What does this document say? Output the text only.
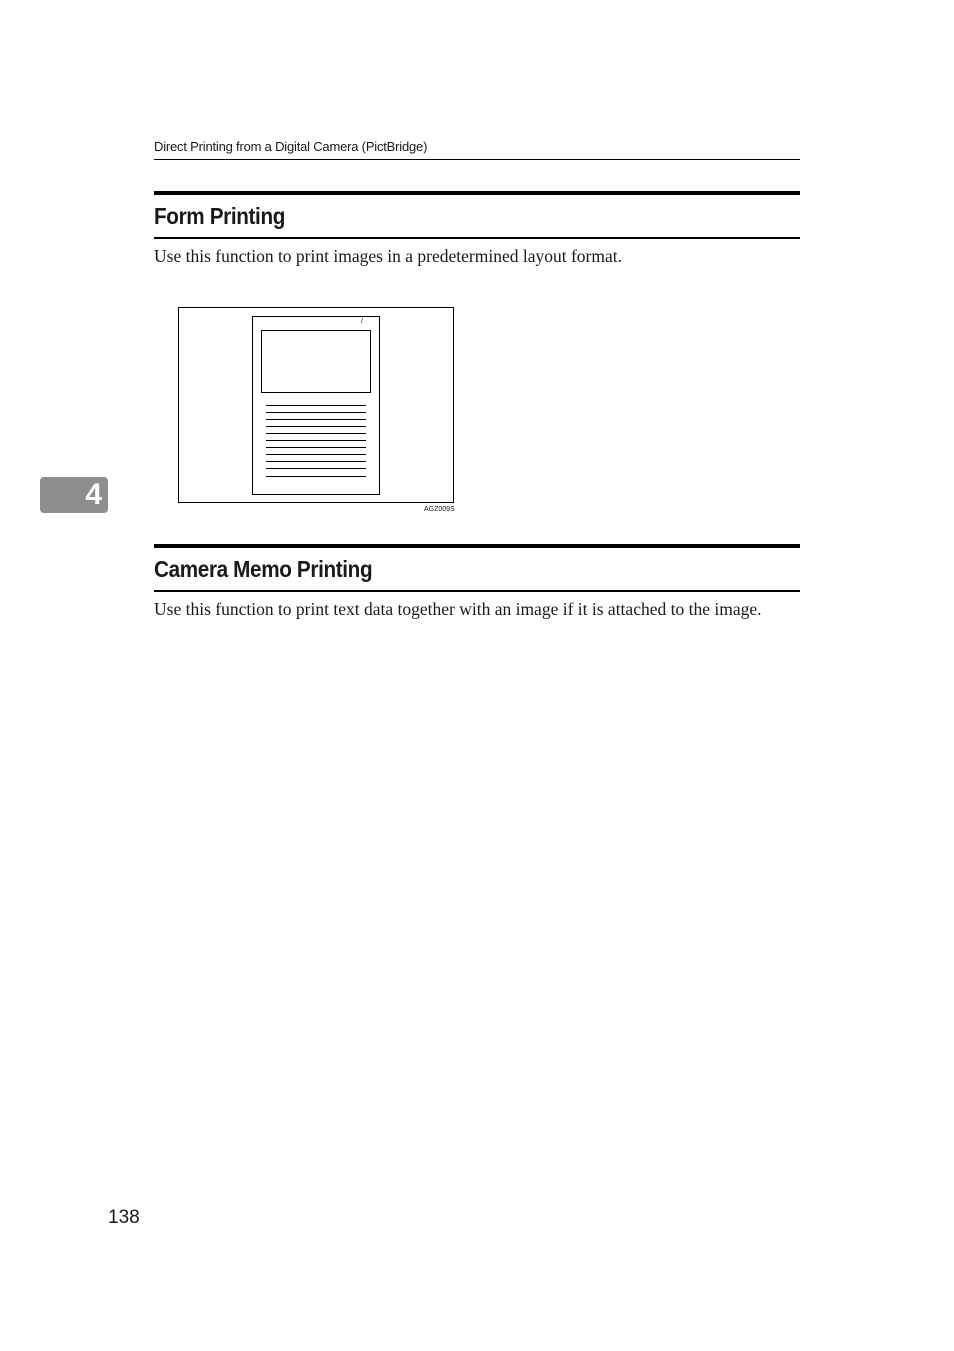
Direct Printing from a Digital Camera (PictBridge)
Form Printing
Use this function to print images in a predetermined layout format.
/
AGZ009S
4
Camera Memo Printing
Use this function to print text data together with an image if it is attached to the image.
138
